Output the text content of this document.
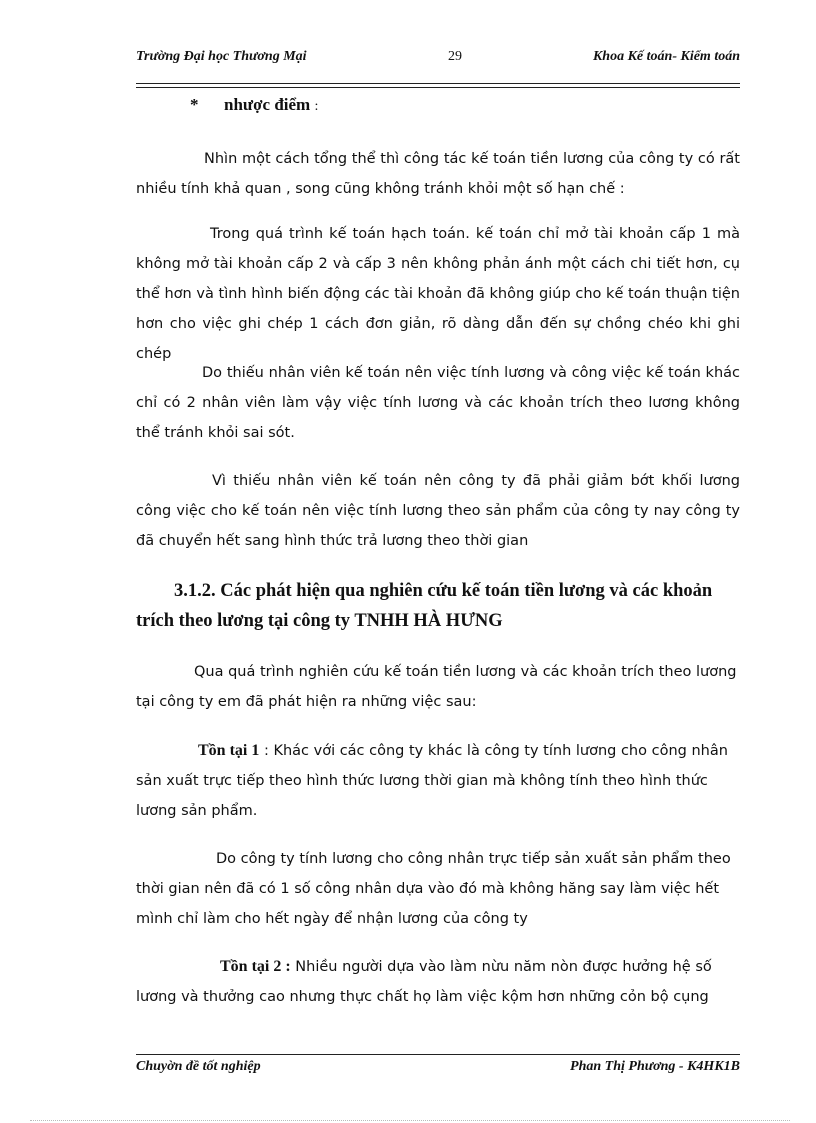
Trường Đại học Thương Mại	29	Khoa Kế toán- Kiểm toán
* nhược điểm :

Nhìn một cách tổng thể thì công tác kế toán tiền lương của công ty có rất nhiều tính khả quan , song cũng không tránh khỏi một số hạn chế :

Trong quá trình kế toán hạch toán. kế toán chỉ mở tài khoản cấp 1 mà không mở tài khoản cấp 2 và cấp 3 nên không phản ánh một cách chi tiết hơn, cụ thể hơn và tình hình biến động các tài khoản đã không giúp cho kế toán thuận tiện hơn cho việc ghi chép 1 cách đơn giản, rõ dàng dẫn đến sự chồng chéo khi ghi chép

Do thiếu nhân viên kế toán nên việc tính lương và công việc kế toán khác chỉ có 2 nhân viên làm vậy việc tính lương và các khoản trích theo lương không thể tránh khỏi sai sót.

Vì thiếu nhân viên kế toán nên công ty đã phải giảm bớt khối lương công việc cho kế toán nên việc tính lương theo sản phẩm của công ty nay công ty đã chuyển hết sang hình thức trả lương theo thời gian

3.1.2. Các phát hiện qua nghiên cứu kế toán tiền lương và các khoản trích theo lương tại công ty TNHH HÀ HƯNG

Qua quá trình nghiên cứu kế toán tiền lương và các khoản trích theo lương tại công ty em đã phát hiện ra những việc sau:

Tồn tại 1 : Khác với các công ty khác là công ty tính lương cho công nhân sản xuất trực tiếp theo hình thức lương thời gian mà không tính theo hình thức lương sản phẩm.

Do công ty tính lương cho công nhân trực tiếp sản xuất sản phẩm theo thời gian nên đã có 1 số công nhân dựa vào đó mà không hăng say làm việc hết mình chỉ làm cho hết ngày để nhận lương của công ty

Tồn tại 2 : Nhiều người dựa vào làm nừu năm nòn được hưởng hệ số lương và thưởng cao nhưng thực chất họ làm việc kộm hơn những cỏn bộ cụng

Chuyờn đề tốt nghiệp	Phan Thị Phương - K4HK1B
